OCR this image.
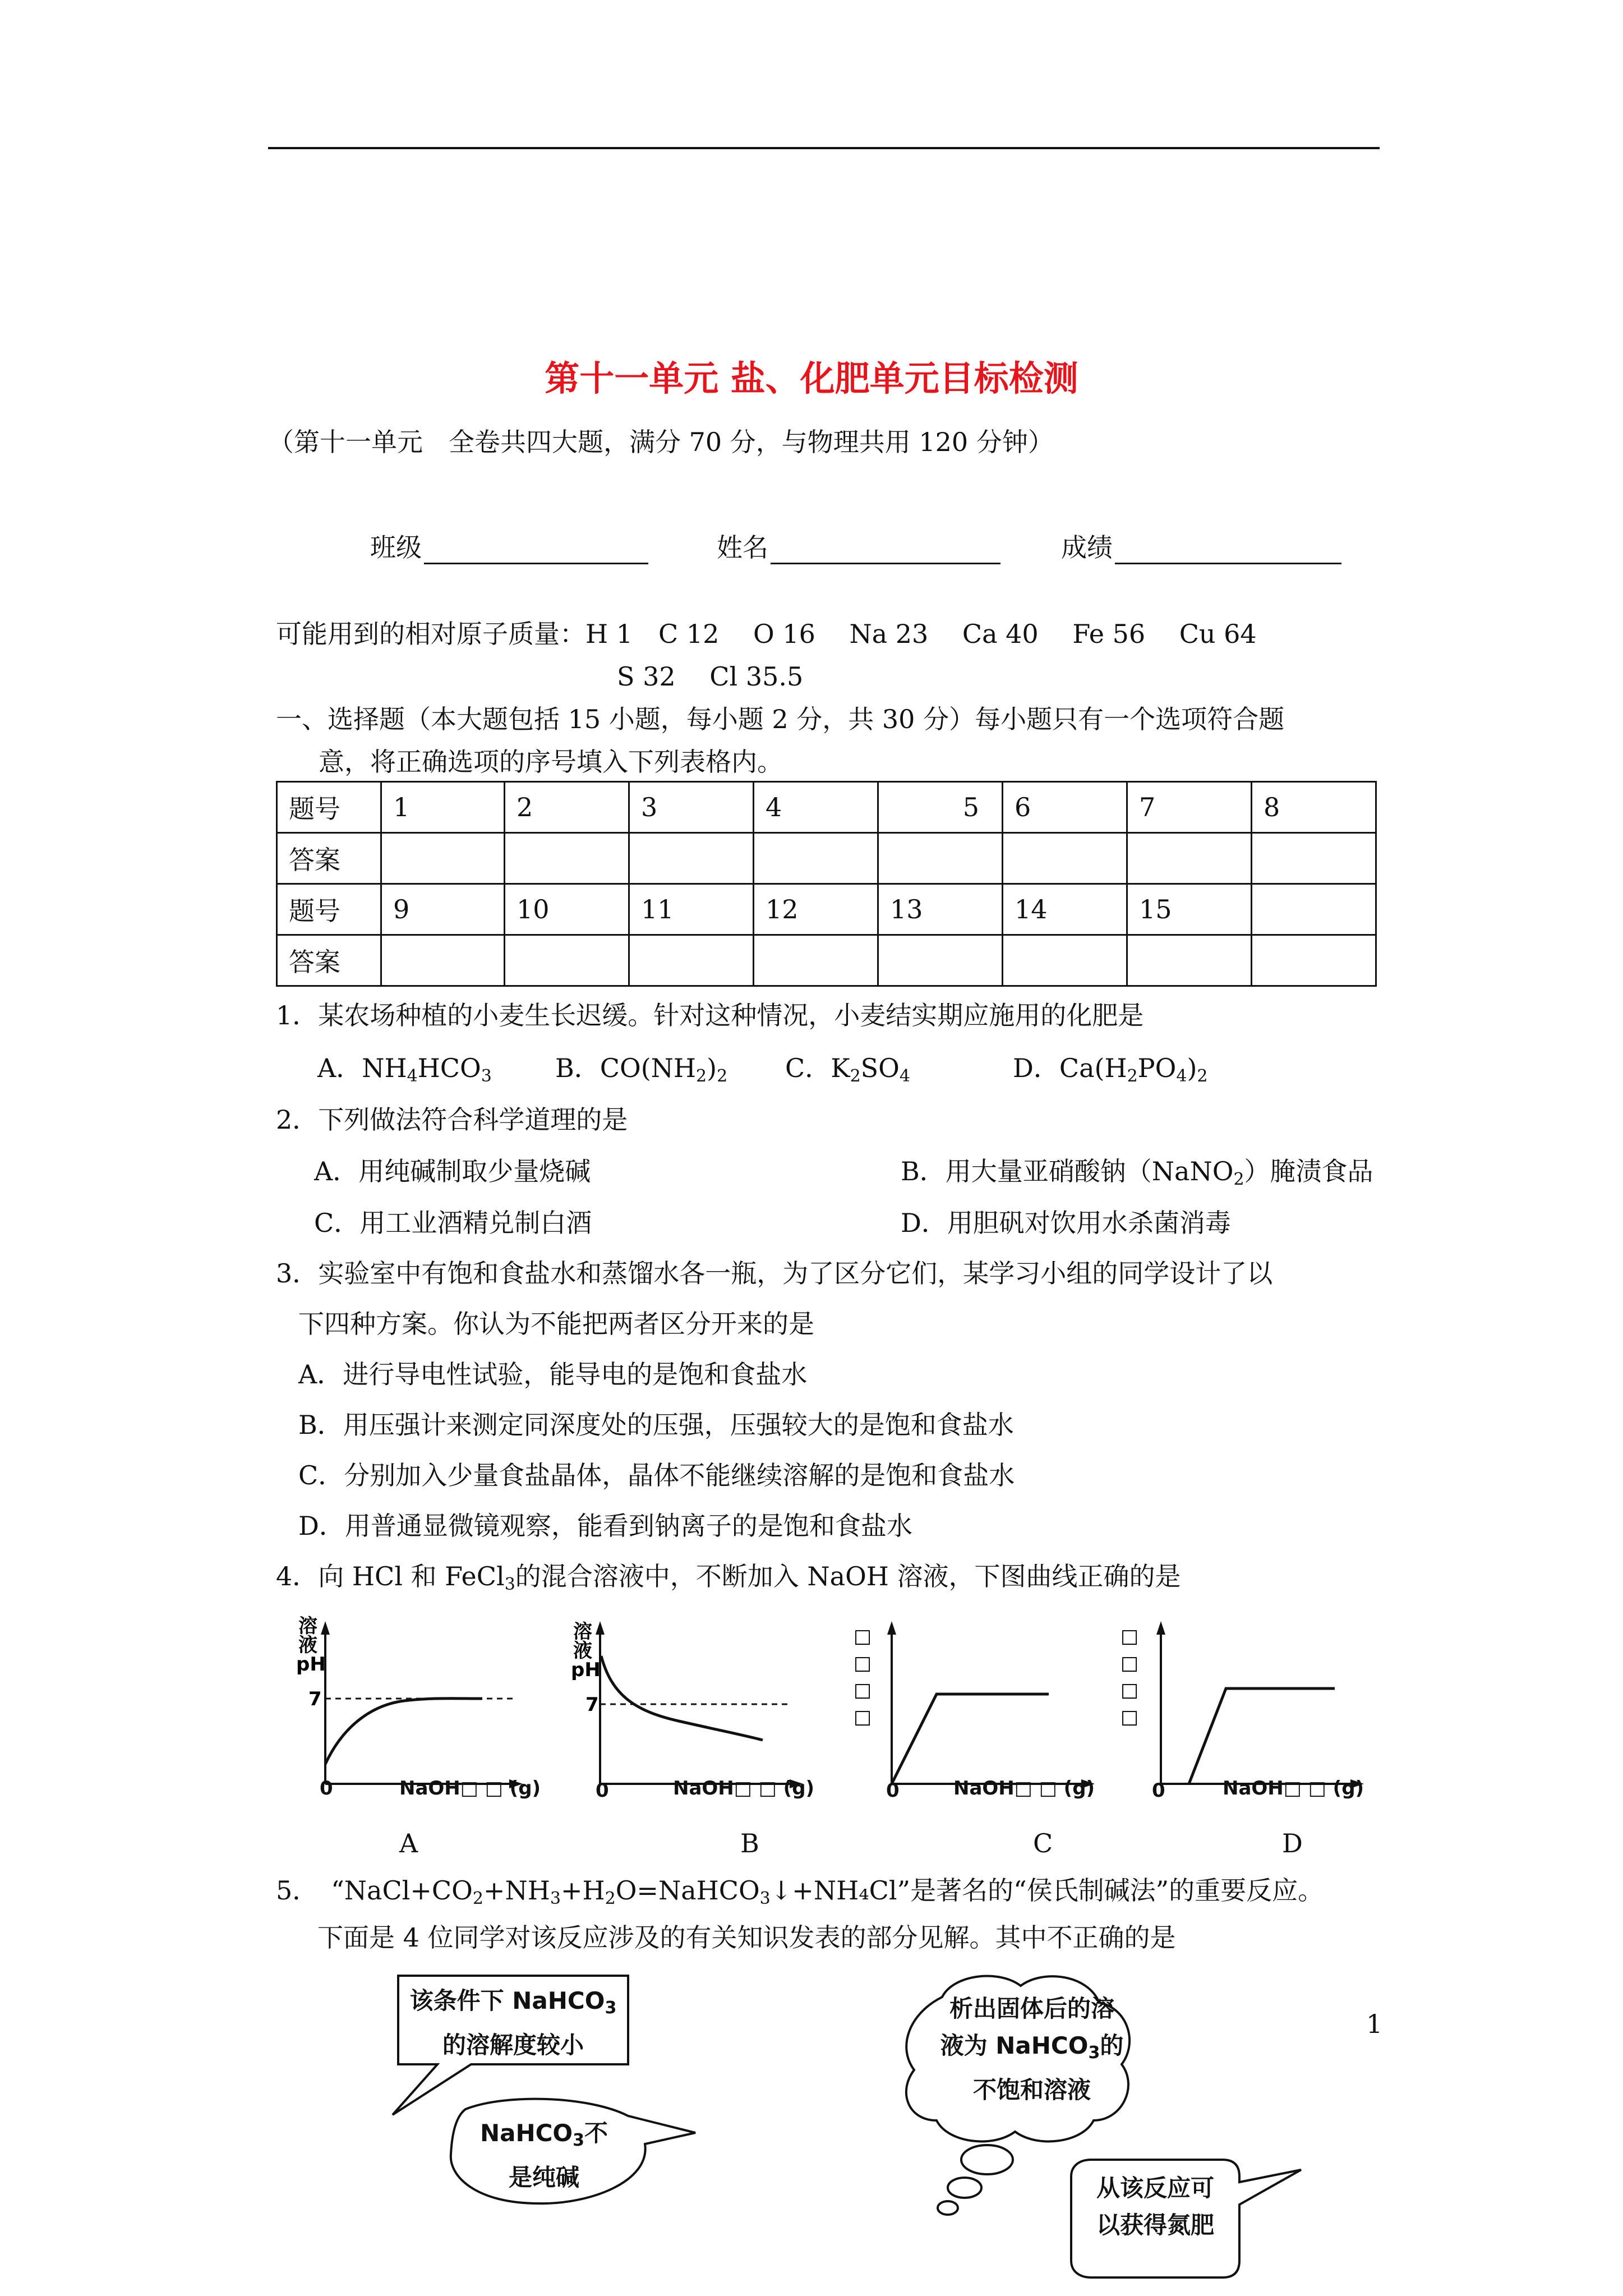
第十一单元 盐、化肥单元目标检测
（第十一单元　全卷共四大题，满分 70 分，与物理共用 120 分钟）
班级	姓名	成绩
可能用到的相对原子质量：H 1　C 12　 O 16　 Na 23　 Ca 40　 Fe 56　 Cu 64
S 32　 Cl 35.5
一、选择题（本大题包括 15 小题，每小题 2 分，共 30 分）每小题只有一个选项符合题
意，将正确选项的序号填入下列表格内。
题号	1	2	3	4	5	6	7	8
答案								
题号	9	10	11	12	13	14	15	
答案								
1．某农场种植的小麦生长迟缓。针对这种情况，小麦结实期应施用的化肥是
A．$NH_4HCO_3$ B．$CO(NH_2)_2$ C．$K_2SO_4$	D．$Ca(H_2PO_4)_2$
2．下列做法符合科学道理的是
A．用纯碱制取少量烧碱	B．用大量亚硝酸钠（NaNO$_2$）腌渍食品
C．用工业酒精兑制白酒	D．用胆矾对饮用水杀菌消毒
3．实验室中有饱和食盐水和蒸馏水各一瓶，为了区分它们，某学习小组的同学设计了以
下四种方案。你认为不能把两者区分开来的是
A．进行导电性试验，能导电的是饱和食盐水
B．用压强计来测定同深度处的压强，压强较大的是饱和食盐水
C．分别加入少量食盐晶体，晶体不能继续溶解的是饱和食盐水
D．用普通显微镜观察，能看到钠离子的是饱和食盐水
4．向 HCl 和 FeCl$_3$的混合溶液中，不断加入 NaOH 溶液，下图曲线正确的是
溶
液
pH
7
0	NaOH□ □ (g)
A
溶
液
pH
7
0	NaOH□ □ (g)
B
□
□
□
□
0	NaOH□ □ (g)
C
□
□
□
□
0	NaOH□ □ (g)
D
5．　“$NaCl+CO_2+NH_3+H_2O=NaHCO_3↓+NH_4Cl$”是著名的“侯氏制碱法”的重要反应。
下面是 4 位同学对该反应涉及的有关知识发表的部分见解。其中不正确的是
该条件下 NaHCO$_3$
的溶解度较小
NaHCO$_3$不
是纯碱
析出固体后的溶
液为 NaHCO$_3$的
不饱和溶液
从该反应可
以获得氮肥
1
